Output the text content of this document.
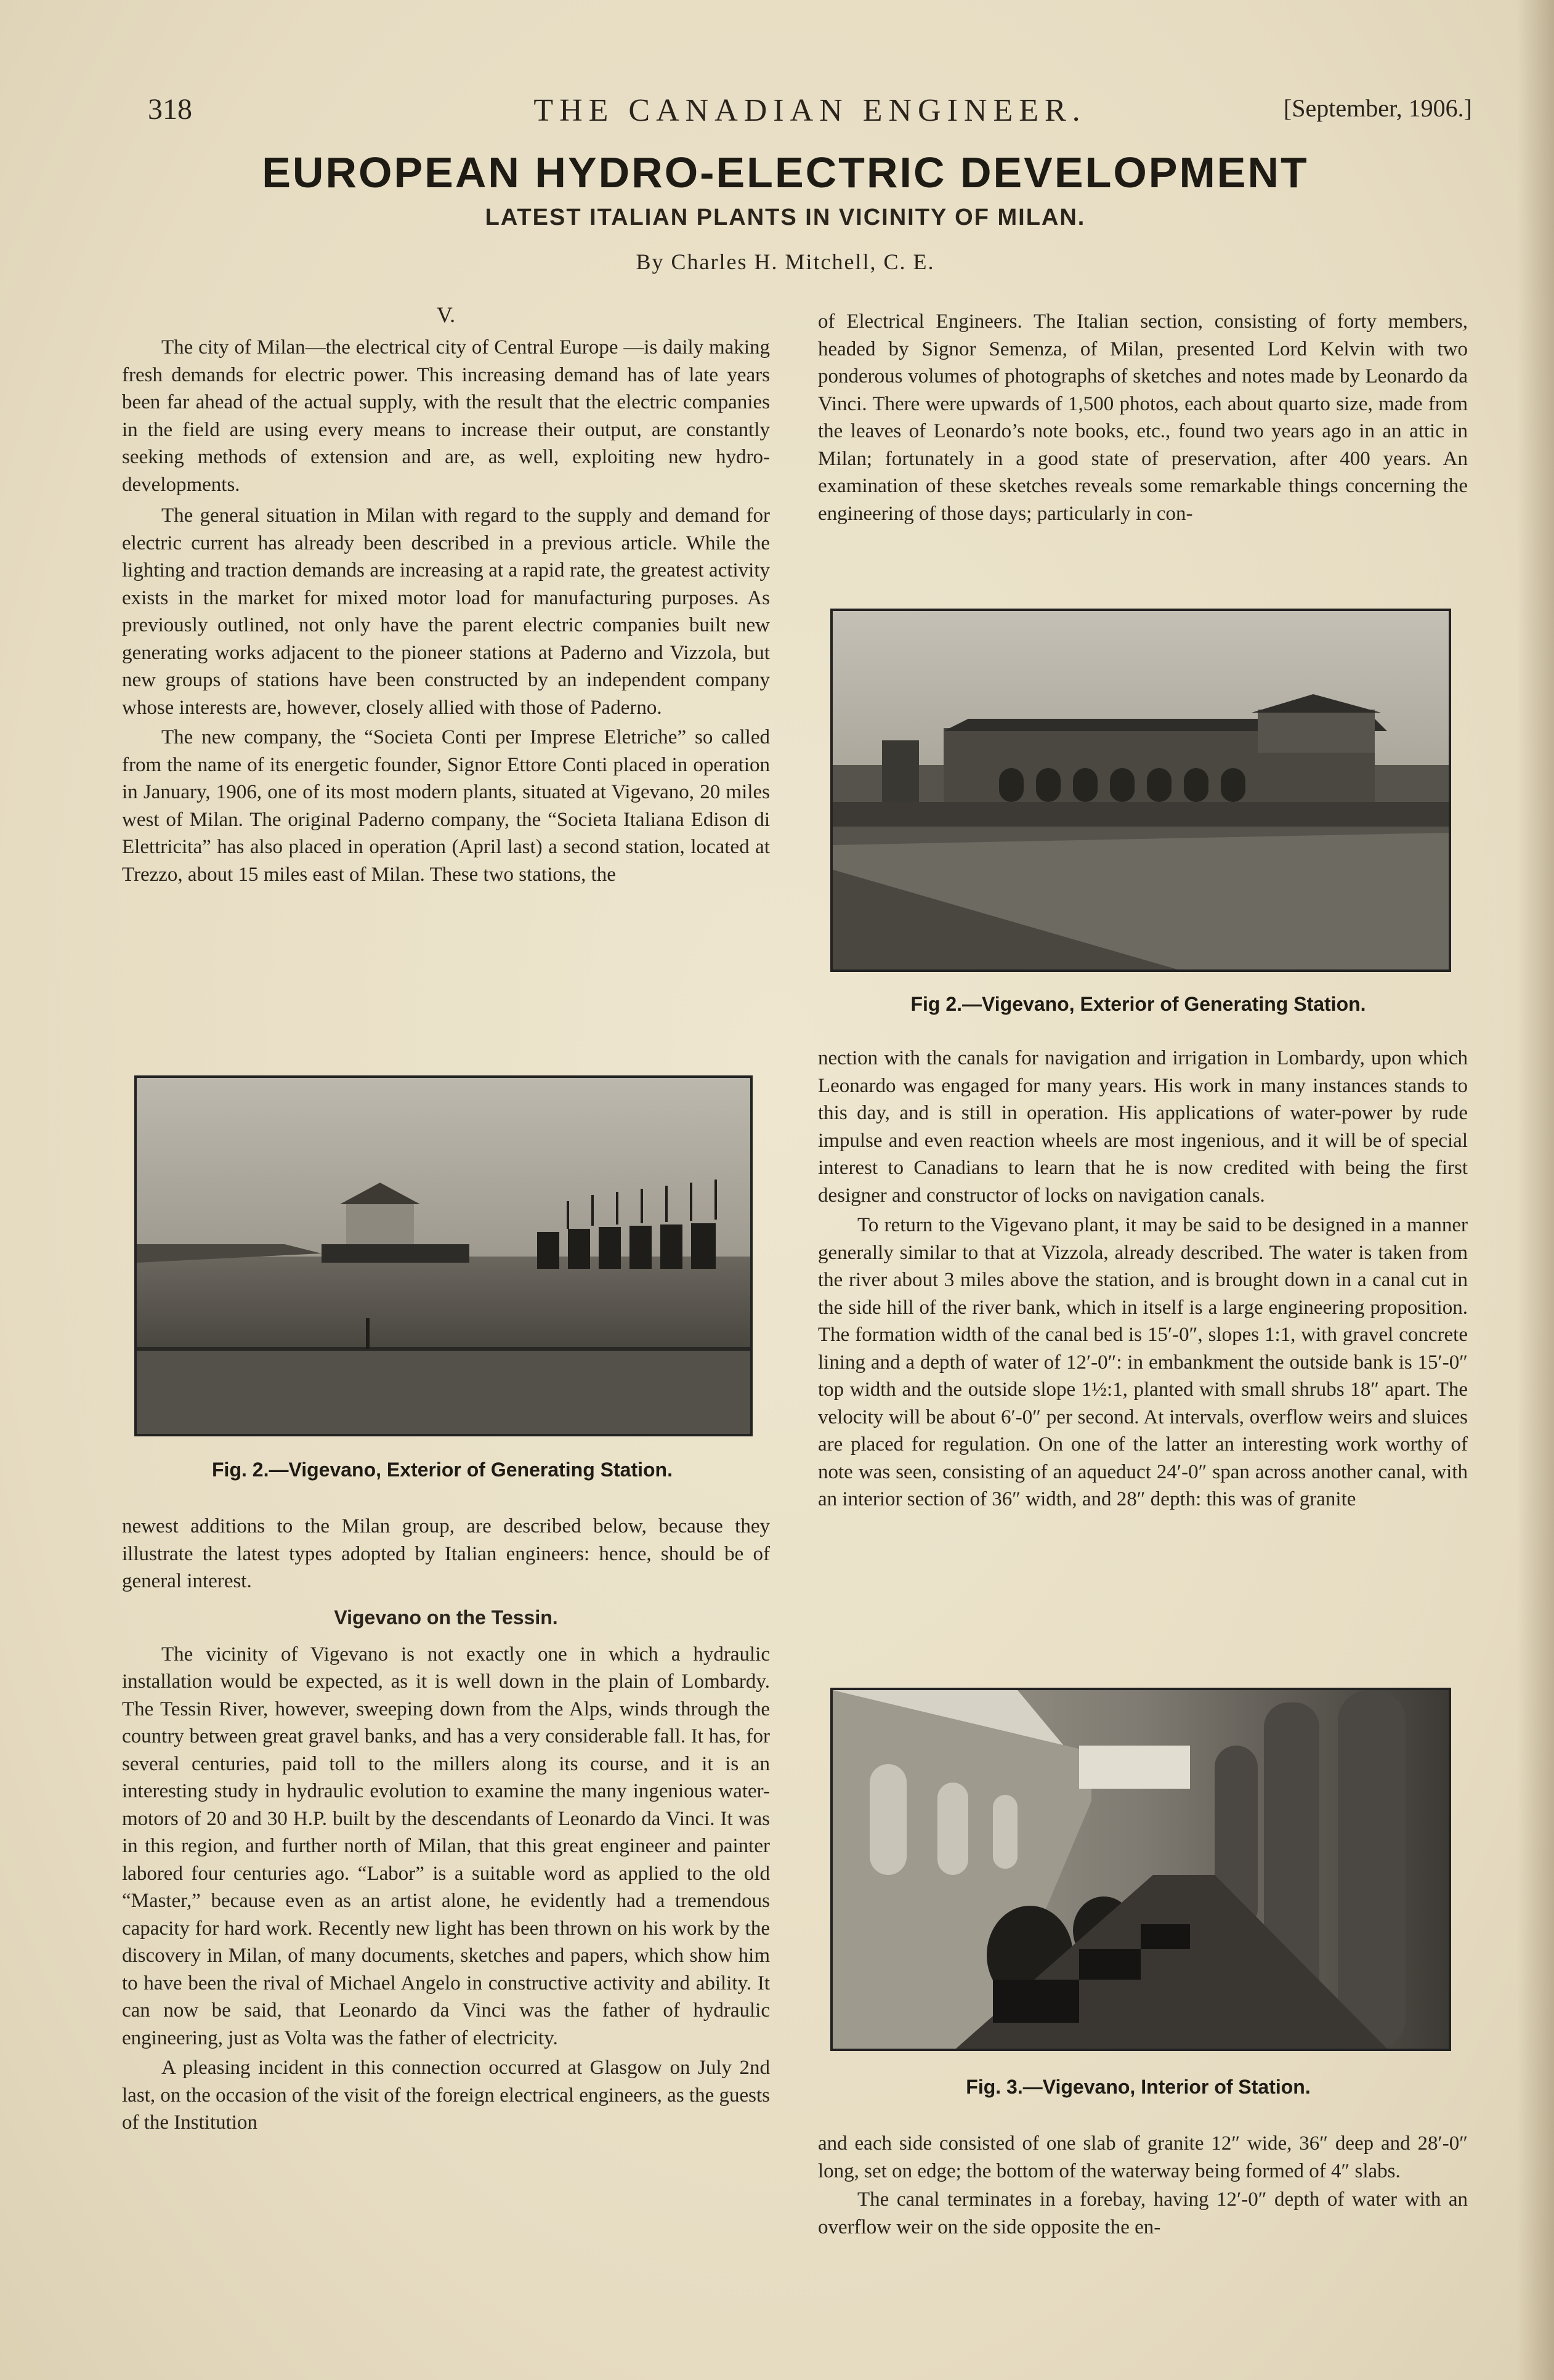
318	THE CANADIAN ENGINEER.	[September, 1906.]
EUROPEAN HYDRO-ELECTRIC DEVELOPMENT
LATEST ITALIAN PLANTS IN VICINITY OF MILAN.
By Charles H. Mitchell, C. E.
V.

The city of Milan—the electrical city of Central Europe —is daily making fresh demands for electric power. This increasing demand has of late years been far ahead of the actual supply, with the result that the electric companies in the field are using every means to increase their output, are constantly seeking methods of extension and are, as well, exploiting new hydro-developments.

The general situation in Milan with regard to the supply and demand for electric current has already been described in a previous article. While the lighting and traction demands are increasing at a rapid rate, the greatest activity exists in the market for mixed motor load for manufacturing purposes. As previously outlined, not only have the parent electric companies built new generating works adjacent to the pioneer stations at Paderno and Vizzola, but new groups of stations have been constructed by an independent company whose interests are, however, closely allied with those of Paderno.

The new company, the “Societa Conti per Imprese Eletriche” so called from the name of its energetic founder, Signor Ettore Conti placed in operation in January, 1906, one of its most modern plants, situated at Vigevano, 20 miles west of Milan. The original Paderno company, the “Societa Italiana Edison di Elettricita” has also placed in operation (April last) a second station, located at Trezzo, about 15 miles east of Milan. These two stations, the

Fig. 2.—Vigevano, Exterior of Generating Station.

newest additions to the Milan group, are described below, because they illustrate the latest types adopted by Italian engineers: hence, should be of general interest.

Vigevano on the Tessin.

The vicinity of Vigevano is not exactly one in which a hydraulic installation would be expected, as it is well down in the plain of Lombardy. The Tessin River, however, sweeping down from the Alps, winds through the country between great gravel banks, and has a very considerable fall. It has, for several centuries, paid toll to the millers along its course, and it is an interesting study in hydraulic evolution to examine the many ingenious water-motors of 20 and 30 H.P. built by the descendants of Leonardo da Vinci. It was in this region, and further north of Milan, that this great engineer and painter labored four centuries ago. “Labor” is a suitable word as applied to the old “Master,” because even as an artist alone, he evidently had a tremendous capacity for hard work. Recently new light has been thrown on his work by the discovery in Milan, of many documents, sketches and papers, which show him to have been the rival of Michael Angelo in constructive activity and ability. It can now be said, that Leonardo da Vinci was the father of hydraulic engineering, just as Volta was the father of electricity.

A pleasing incident in this connection occurred at Glasgow on July 2nd last, on the occasion of the visit of the foreign electrical engineers, as the guests of the Institution

of Electrical Engineers. The Italian section, consisting of forty members, headed by Signor Semenza, of Milan, presented Lord Kelvin with two ponderous volumes of photographs of sketches and notes made by Leonardo da Vinci. There were upwards of 1,500 photos, each about quarto size, made from the leaves of Leonardo’s note books, etc., found two years ago in an attic in Milan; fortunately in a good state of preservation, after 400 years. An examination of these sketches reveals some remarkable things concerning the engineering of those days; particularly in con-

Fig 2.—Vigevano, Exterior of Generating Station.

nection with the canals for navigation and irrigation in Lombardy, upon which Leonardo was engaged for many years. His work in many instances stands to this day, and is still in operation. His applications of water-power by rude impulse and even reaction wheels are most ingenious, and it will be of special interest to Canadians to learn that he is now credited with being the first designer and constructor of locks on navigation canals.

To return to the Vigevano plant, it may be said to be designed in a manner generally similar to that at Vizzola, already described. The water is taken from the river about 3 miles above the station, and is brought down in a canal cut in the side hill of the river bank, which in itself is a large engineering proposition. The formation width of the canal bed is 15′-0″, slopes 1:1, with gravel concrete lining and a depth of water of 12′-0″: in embankment the outside bank is 15′-0″ top width and the outside slope 1½:1, planted with small shrubs 18″ apart. The velocity will be about 6′-0″ per second. At intervals, overflow weirs and sluices are placed for regulation. On one of the latter an interesting work worthy of note was seen, consisting of an aqueduct 24′-0″ span across another canal, with an interior section of 36″ width, and 28″ depth: this was of granite

Fig. 3.—Vigevano, Interior of Station.

and each side consisted of one slab of granite 12″ wide, 36″ deep and 28′-0″ long, set on edge; the bottom of the waterway being formed of 4″ slabs.

The canal terminates in a forebay, having 12′-0″ depth of water with an overflow weir on the side opposite the en-
